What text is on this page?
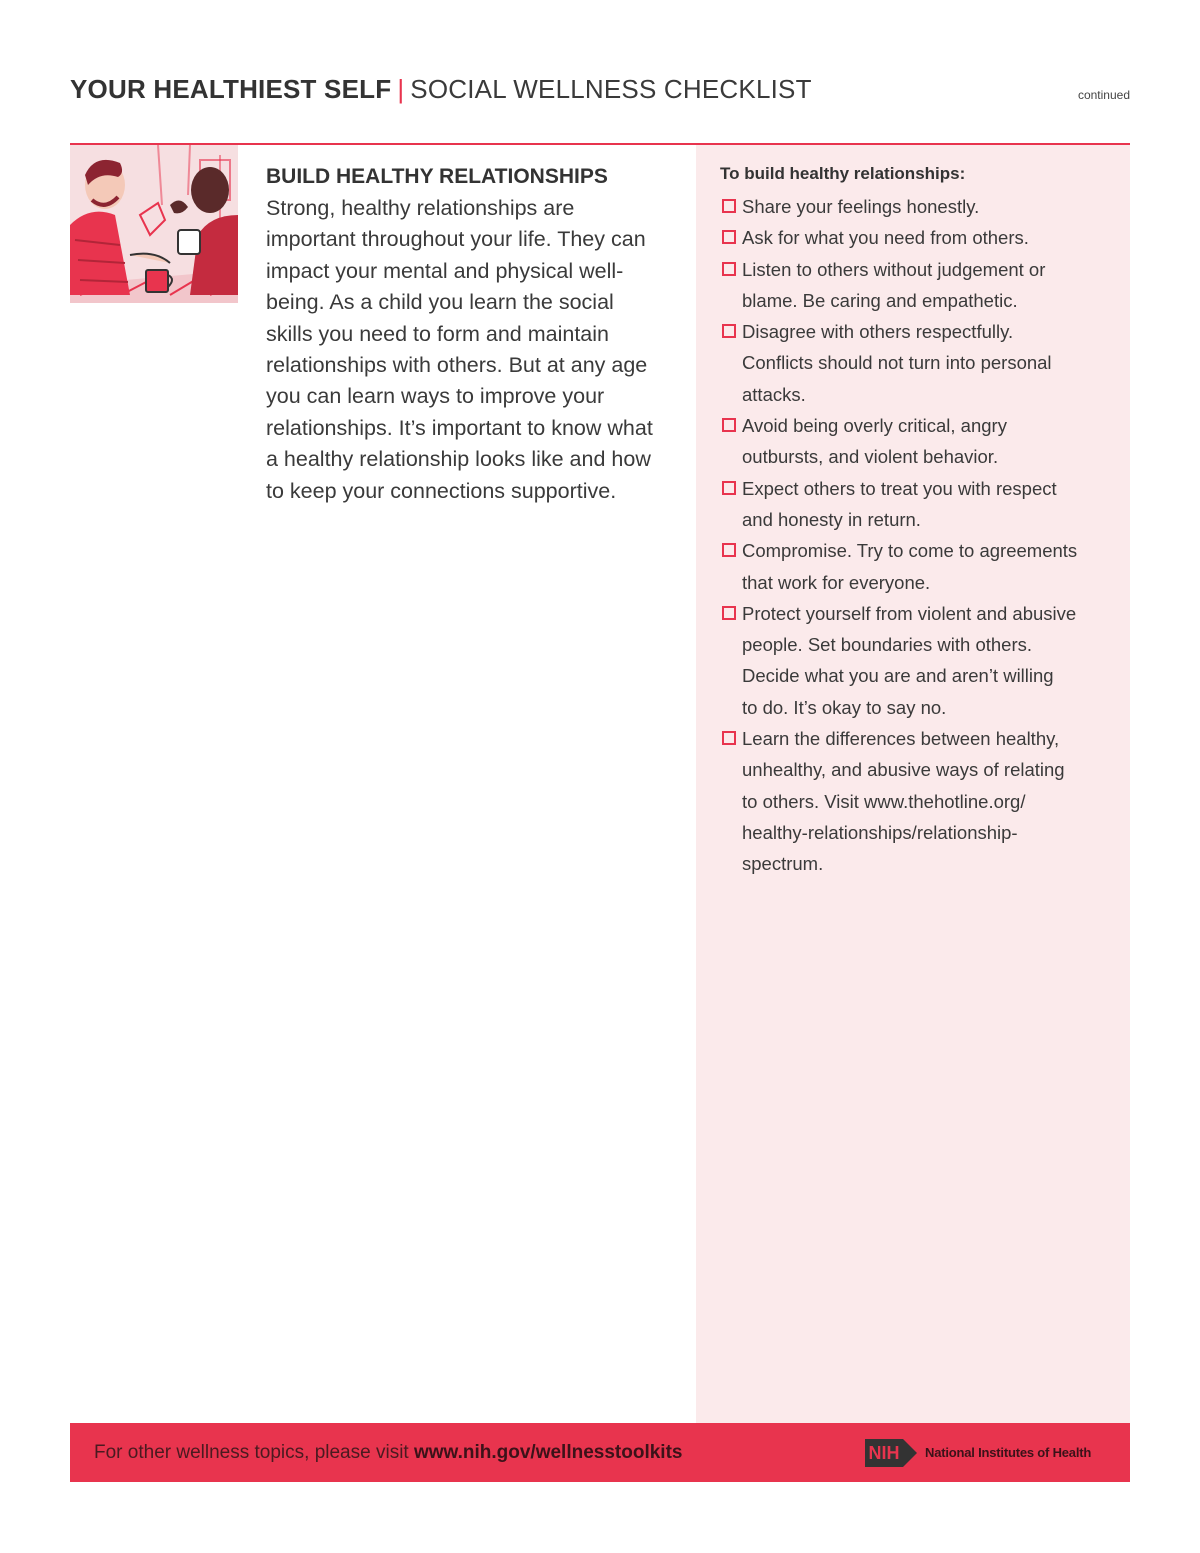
YOUR HEALTHIEST SELF | SOCIAL WELLNESS CHECKLIST	continued
BUILD HEALTHY RELATIONSHIPS
Strong, healthy relationships are
important throughout your life. They can
impact your mental and physical well-
being. As a child you learn the social
skills you need to form and maintain
relationships with others. But at any age
you can learn ways to improve your
relationships. It’s important to know what
a healthy relationship looks like and how
to keep your connections supportive.
To build healthy relationships:
Share your feelings honestly.
Ask for what you need from others.
Listen to others without judgement or
blame. Be caring and empathetic.
Disagree with others respectfully.
Conflicts should not turn into personal
attacks.
Avoid being overly critical, angry
outbursts, and violent behavior.
Expect others to treat you with respect
and honesty in return.
Compromise. Try to come to agreements
that work for everyone.
Protect yourself from violent and abusive
people. Set boundaries with others.
Decide what you are and aren’t willing
to do. It’s okay to say no.
Learn the differences between healthy,
unhealthy, and abusive ways of relating
to others. Visit www.thehotline.org/
healthy-relationships/relationship-
spectrum.
For other wellness topics, please visit www.nih.gov/wellnesstoolkits	NIH National Institutes of Health
